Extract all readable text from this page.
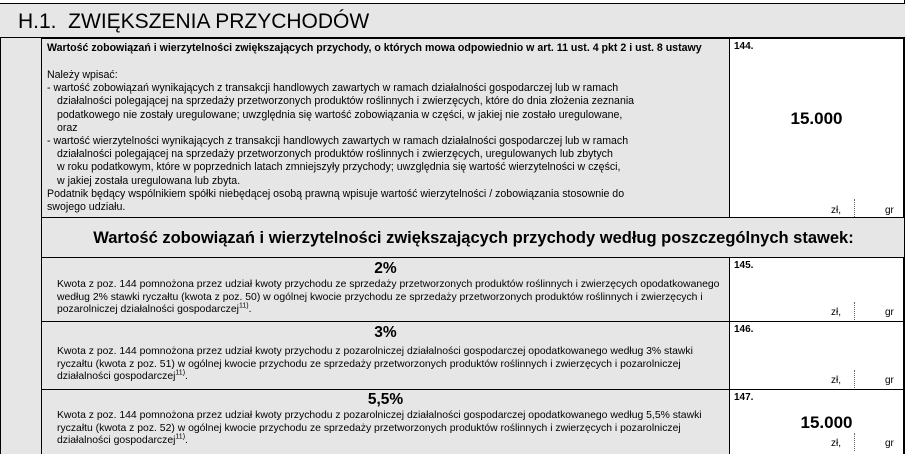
H.1.  ZWIĘKSZENIA PRZYCHODÓW
Wartość zobowiązań i wierzytelności zwiększających przychody, o których mowa odpowiednio w art. 11 ust. 4 pkt 2 i ust. 8 ustawy
Należy wpisać:
- wartość zobowiązań wynikających z transakcji handlowych zawartych w ramach działalności gospodarczej lub w ramach
działalności polegającej na sprzedaży przetworzonych produktów roślinnych i zwierzęcych, które do dnia złożenia zeznania
podatkowego nie zostały uregulowane; uwzględnia się wartość zobowiązania w części, w jakiej nie zostało uregulowane,
oraz
- wartość wierzytelności wynikających z transakcji handlowych zawartych w ramach działalności gospodarczej lub w ramach
działalności polegającej na sprzedaży przetworzonych produktów roślinnych i zwierzęcych, uregulowanych lub zbytych
w roku podatkowym, które w poprzednich latach zmniejszyły przychody; uwzględnia się wartość wierzytelności w części,
w jakiej została uregulowana lub zbyta.
Podatnik będący wspólnikiem spółki niebędącej osobą prawną wpisuje wartość wierzytelności / zobowiązania stosownie do
swojego udziału.
144.
15.000
zł,	gr
Wartość zobowiązań i wierzytelności zwiększających przychody według poszczególnych stawek:
2%
Kwota z poz. 144 pomnożona przez udział kwoty przychodu ze sprzedaży przetworzonych produktów roślinnych i zwierzęcych opodatkowanego według 2% stawki ryczałtu (kwota z poz. 50) w ogólnej kwocie przychodu ze sprzedaży przetworzonych produktów roślinnych i zwierzęcych i pozarolniczej działalności gospodarczej$^{11)}$.
145.
zł,	gr
3%
Kwota z poz. 144 pomnożona przez udział kwoty przychodu z pozarolniczej działalności gospodarczej opodatkowanego według 3% stawki ryczałtu (kwota z poz. 51) w ogólnej kwocie przychodu ze sprzedaży przetworzonych produktów roślinnych i zwierzęcych i pozarolniczej działalności gospodarczej$^{11)}$.
146.
zł,	gr
5,5%
Kwota z poz. 144 pomnożona przez udział kwoty przychodu z pozarolniczej działalności gospodarczej opodatkowanego według 5,5% stawki ryczałtu (kwota z poz. 52) w ogólnej kwocie przychodu ze sprzedaży przetworzonych produktów roślinnych i zwierzęcych i pozarolniczej działalności gospodarczej$^{11)}$.
147.
15.000
zł,	gr
